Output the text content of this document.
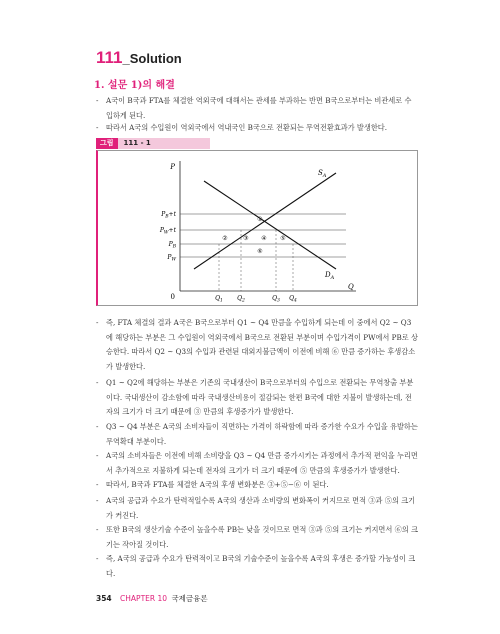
111_Solution
1. 설문 1)의 해결
- A국이 B국과 FTA를 체결한 역외국에 대해서는 관세를 부과하는 반면 B국으로부터는 비관세로 수입하게 된다.
- 따라서 A국의 수입원이 역외국에서 역내국인 B국으로 전환되는 무역전환효과가 발생한다.
그림	111 - 1
$S_A$
$D_A$
P
Q
0
$P_B+t$
$P_W+t$
$P_B$
$P_W$
$Q_1$ $Q_2$	$Q_3$ $Q_4$
①
②	③ ④ ⑤
⑥
- 즉, FTA 체결의 결과 A국은 B국으로부터 Q1 ~ Q4 만큼을 수입하게 되는데 이 중에서 Q2 ~ Q3에 해당하는 부분은 그 수입원이 역외국에서 B국으로 전환된 부분이며 수입가격이 PW에서 PB로 상승한다. 따라서 Q2 ~ Q3의 수입과 관련된 대외지불금액이 이전에 비해 ⑥ 만큼 증가하는 후생감소가 발생한다.
- Q1 ~ Q2에 해당하는 부분은 기존의 국내생산이 B국으로부터의 수입으로 전환되는 무역창출 부분이다. 국내생산이 감소함에 따라 국내생산비용이 절감되는 한편 B국에 대한 지불이 발생하는데, 전자의 크기가 더 크기 때문에 ③ 만큼의 후생증가가 발생한다.
- Q3 ~ Q4 부분은 A국의 소비자들이 직면하는 가격이 하락함에 따라 증가한 수요가 수입을 유발하는 무역확대 부분이다.
- A국의 소비자들은 이전에 비해 소비량을 Q3 ~ Q4 만큼 증가시키는 과정에서 추가적 편익을 누리면서 추가적으로 지불하게 되는데 전자의 크기가 더 크기 때문에 ⑤ 만큼의 후생증가가 발생한다.
- 따라서, B국과 FTA를 체결한 A국의 후생 변화분은 ③+⑤−⑥ 이 된다.
- A국의 공급과 수요가 탄력적일수록 A국의 생산과 소비량의 변화폭이 커지므로 면적 ③과 ⑤의 크기가 커진다.
- 또한 B국의 생산기술 수준이 높을수록 PB는 낮을 것이므로 면적 ③과 ⑤의 크기는 커지면서 ⑥의 크기는 작아질 것이다.
- 즉, A국의 공급과 수요가 탄력적이고 B국의 기술수준이 높을수록 A국의 후생은 증가할 가능성이 크다.
354 CHAPTER 10 국제금융론
